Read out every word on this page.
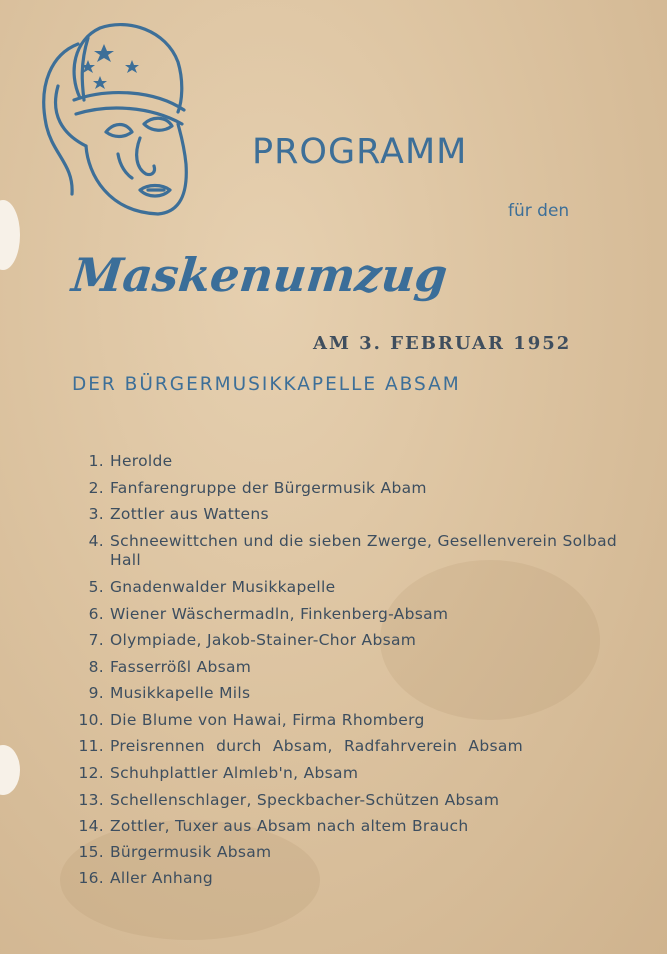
PROGRAMM
für den
Maskenumzug
AM 3. FEBRUAR 1952
DER BÜRGERMUSIKKAPELLE ABSAM
1. Herolde
2. Fanfarengruppe der Bürgermusik Abam
3. Zottler aus Wattens
4. Schneewittchen und die sieben Zwerge, Gesellenverein Solbad Hall
5. Gnadenwalder Musikkapelle
6. Wiener Wäschermadln, Finkenberg-Absam
7. Olympiade, Jakob-Stainer-Chor Absam
8. Fasserrößl Absam
9. Musikkapelle Mils
10. Die Blume von Hawai, Firma Rhomberg
11. Preisrennen durch Absam, Radfahrverein Absam
12. Schuhplattler Almleb'n, Absam
13. Schellenschlager, Speckbacher-Schützen Absam
14. Zottler, Tuxer aus Absam nach altem Brauch
15. Bürgermusik Absam
16. Aller Anhang
